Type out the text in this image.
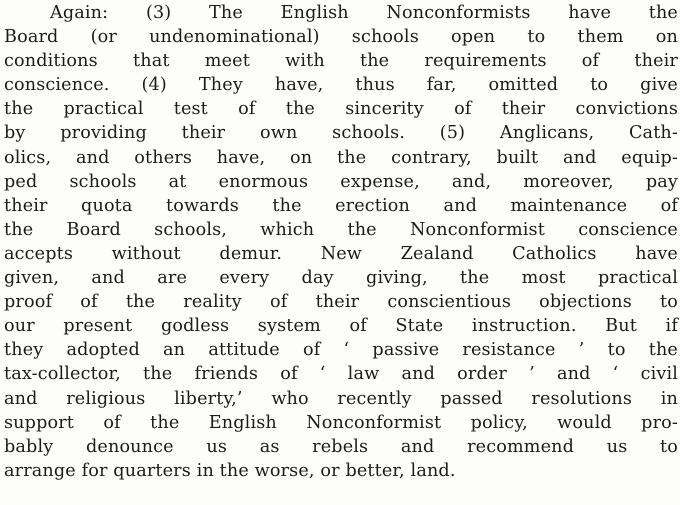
Again: (3) The English Nonconformists have the
Board (or undenominational) schools open to them on
conditions that meet with the requirements of their
conscience. (4) They have, thus far, omitted to give
the practical test of the sincerity of their convictions
by providing their own schools. (5) Anglicans, Cath-
olics, and others have, on the contrary, built and equip-
ped schools at enormous expense, and, moreover, pay
their quota towards the erection and maintenance of
the Board schools, which the Nonconformist conscience
accepts without demur. New Zealand Catholics have
given, and are every day giving, the most practical
proof of the reality of their conscientious objections to
our present godless system of State instruction. But if
they adopted an attitude of ‘ passive resistance ’ to the
tax-collector, the friends of ‘ law and order ’ and ‘ civil
and religious liberty,’ who recently passed resolutions in
support of the English Nonconformist policy, would pro-
bably denounce us as rebels and recommend us to
arrange for quarters in the worse, or better, land.
